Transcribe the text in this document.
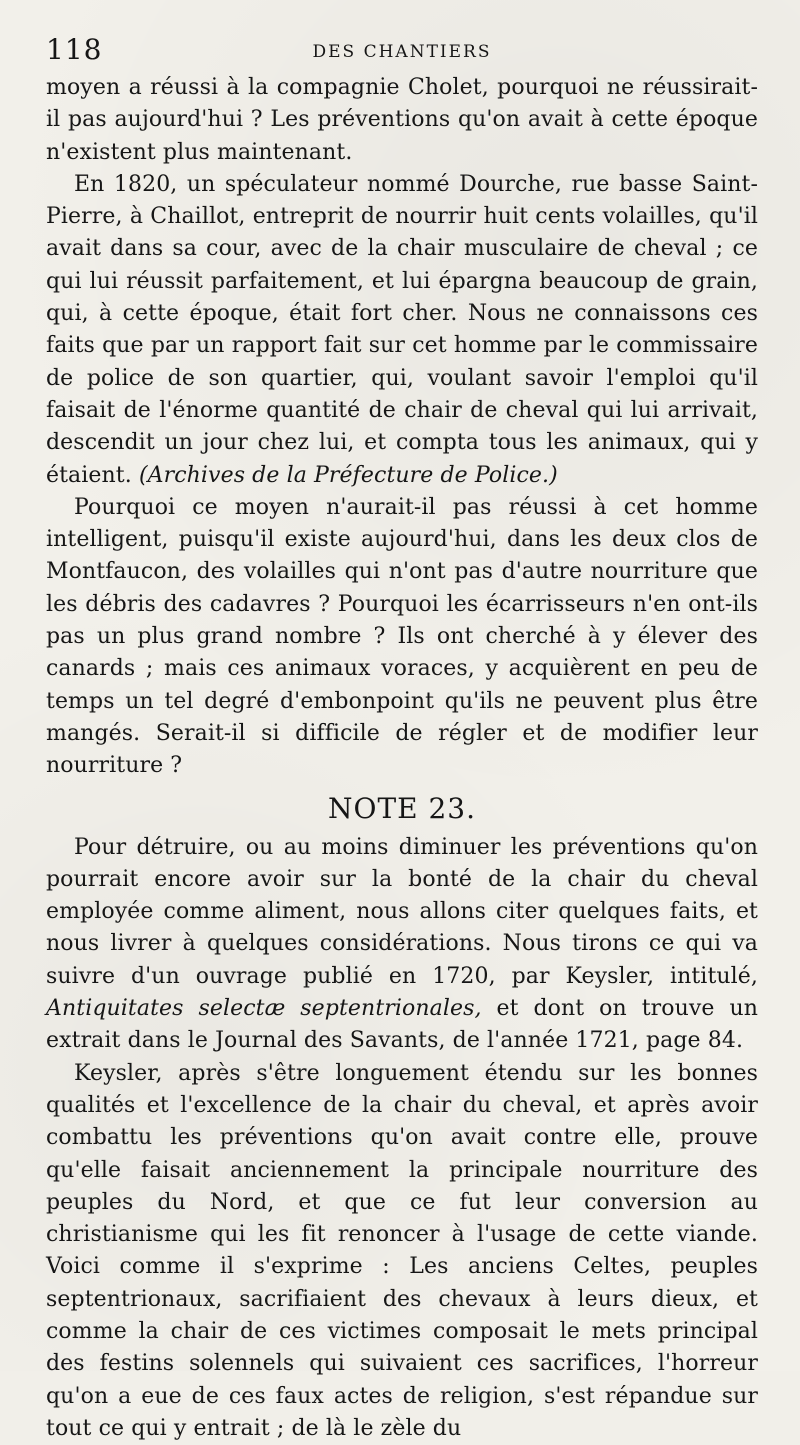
118	DES CHANTIERS

moyen a réussi à la compagnie Cholet, pourquoi ne réussirait-il pas aujourd'hui ? Les préventions qu'on avait à cette époque n'existent plus maintenant.

En 1820, un spéculateur nommé Dourche, rue basse Saint-Pierre, à Chaillot, entreprit de nourrir huit cents volailles, qu'il avait dans sa cour, avec de la chair musculaire de cheval ; ce qui lui réussit parfaitement, et lui épargna beaucoup de grain, qui, à cette époque, était fort cher. Nous ne connaissons ces faits que par un rapport fait sur cet homme par le commissaire de police de son quartier, qui, voulant savoir l'emploi qu'il faisait de l'énorme quantité de chair de cheval qui lui arrivait, descendit un jour chez lui, et compta tous les animaux, qui y étaient. (Archives de la Préfecture de Police.)

Pourquoi ce moyen n'aurait-il pas réussi à cet homme intelligent, puisqu'il existe aujourd'hui, dans les deux clos de Montfaucon, des volailles qui n'ont pas d'autre nourriture que les débris des cadavres ? Pourquoi les écarrisseurs n'en ont-ils pas un plus grand nombre ? Ils ont cherché à y élever des canards ; mais ces animaux voraces, y acquièrent en peu de temps un tel degré d'embonpoint qu'ils ne peuvent plus être mangés. Serait-il si difficile de régler et de modifier leur nourriture ?

NOTE 23.

Pour détruire, ou au moins diminuer les préventions qu'on pourrait encore avoir sur la bonté de la chair du cheval employée comme aliment, nous allons citer quelques faits, et nous livrer à quelques considérations. Nous tirons ce qui va suivre d'un ouvrage publié en 1720, par Keysler, intitulé, Antiquitates selectæ septentrionales, et dont on trouve un extrait dans le Journal des Savants, de l'année 1721, page 84.

Keysler, après s'être longuement étendu sur les bonnes qualités et l'excellence de la chair du cheval, et après avoir combattu les préventions qu'on avait contre elle, prouve qu'elle faisait anciennement la principale nourriture des peuples du Nord, et que ce fut leur conversion au christianisme qui les fit renoncer à l'usage de cette viande. Voici comme il s'exprime : Les anciens Celtes, peuples septentrionaux, sacrifiaient des chevaux à leurs dieux, et comme la chair de ces victimes composait le mets principal des festins solennels qui suivaient ces sacrifices, l'horreur qu'on a eue de ces faux actes de religion, s'est répandue sur tout ce qui y entrait ; de là le zèle du
